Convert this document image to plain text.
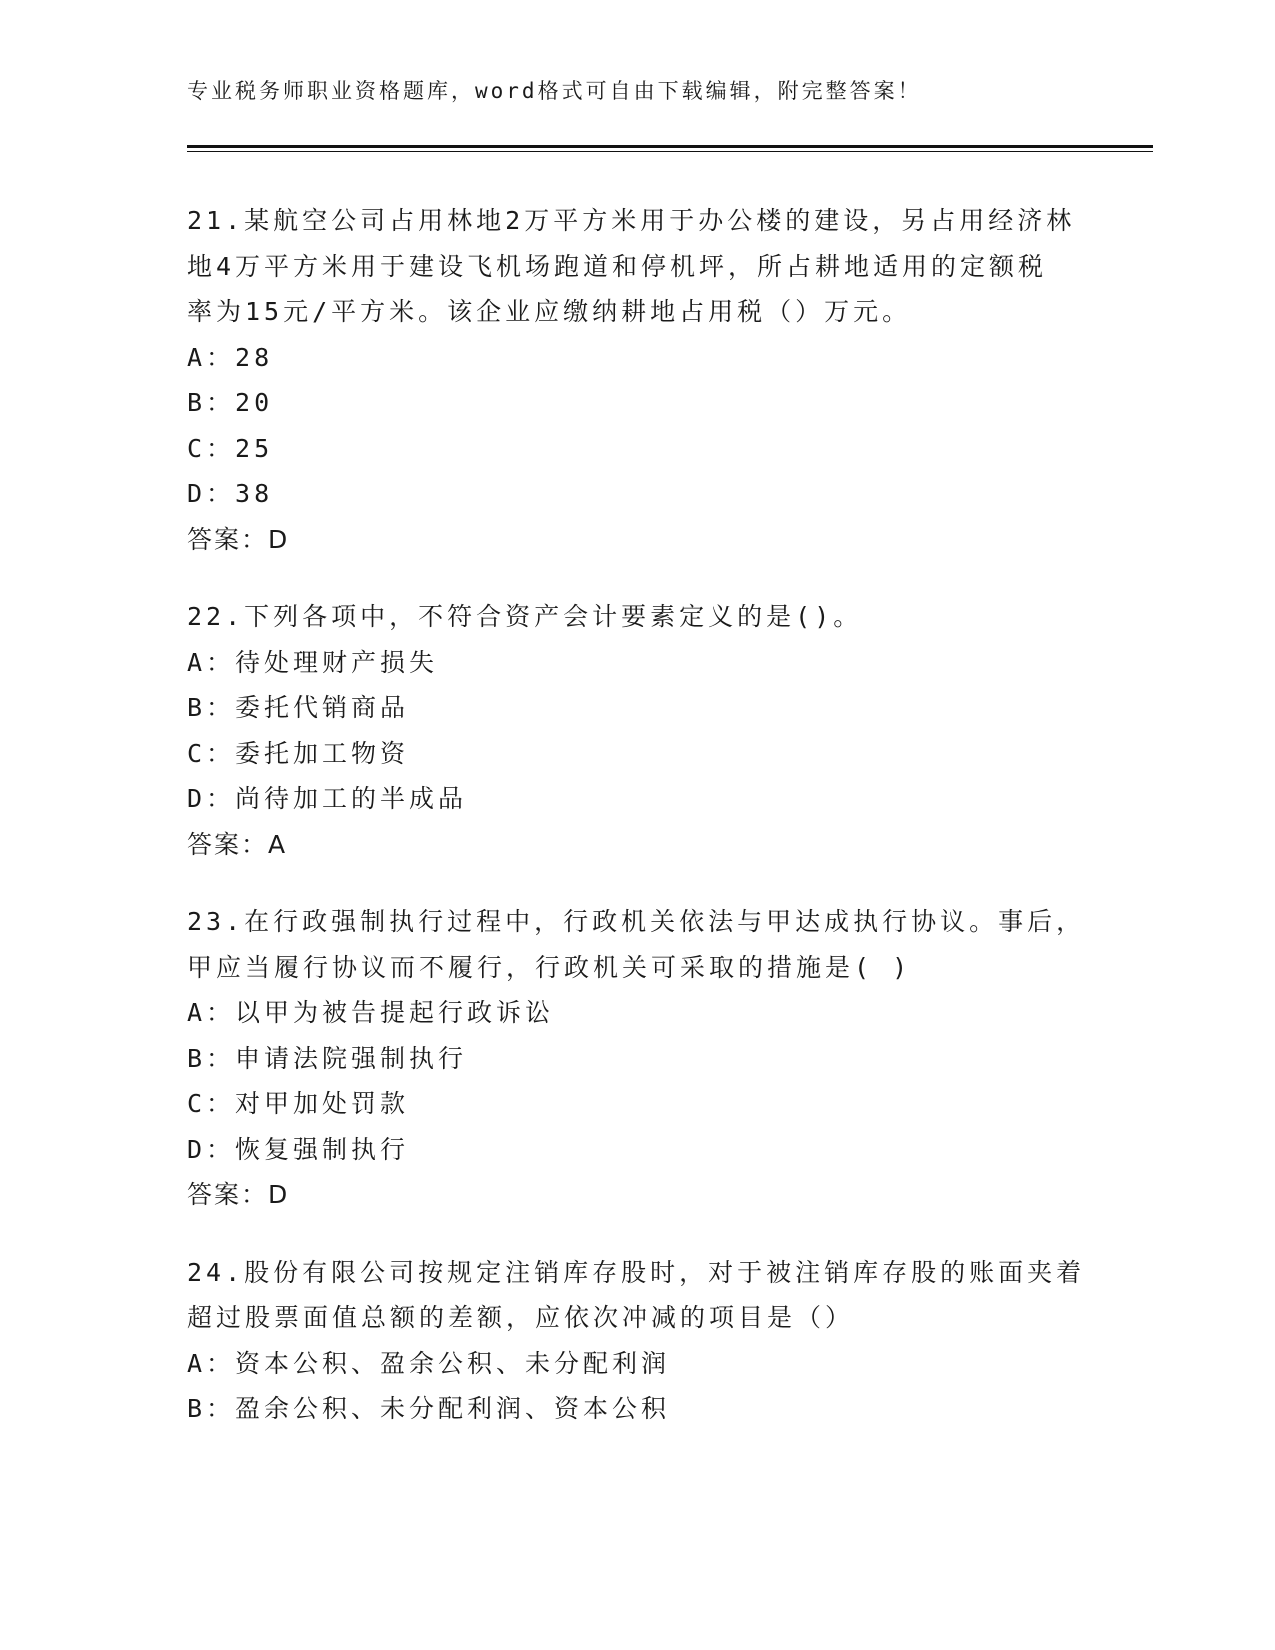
专业税务师职业资格题库，word格式可自由下载编辑，附完整答案！
21.某航空公司占用林地2万平方米用于办公楼的建设，另占用经济林
地4万平方米用于建设飞机场跑道和停机坪，所占耕地适用的定额税
率为15元/平方米。该企业应缴纳耕地占用税（）万元。
A：28
B：20
C：25
D：38
答案：D
22.下列各项中，不符合资产会计要素定义的是()。
A：待处理财产损失
B：委托代销商品
C：委托加工物资
D：尚待加工的半成品
答案：A
23.在行政强制执行过程中，行政机关依法与甲达成执行协议。事后，
甲应当履行协议而不履行，行政机关可采取的措施是( )
A：以甲为被告提起行政诉讼
B：申请法院强制执行
C：对甲加处罚款
D：恢复强制执行
答案：D
24.股份有限公司按规定注销库存股时，对于被注销库存股的账面夹着
超过股票面值总额的差额，应依次冲减的项目是（）
A：资本公积、盈余公积、未分配利润
B：盈余公积、未分配利润、资本公积
